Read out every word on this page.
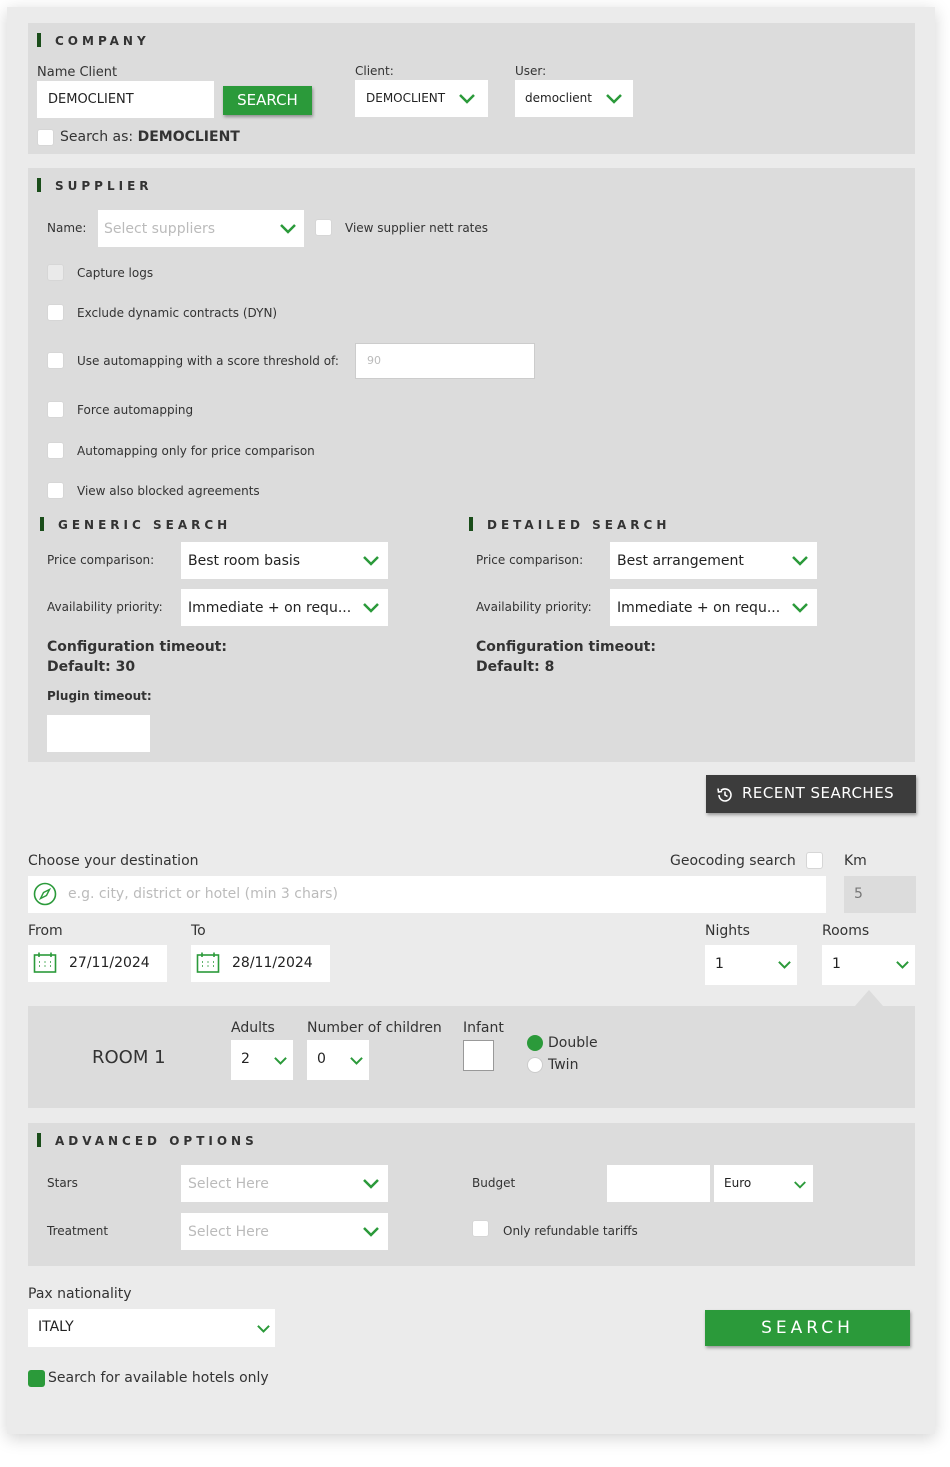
COMPANY
Name Client
DEMOCLIENT	SEARCH
Client:
DEMOCLIENT
User:
democlient
Search as: DEMOCLIENT
SUPPLIER
Name: Select suppliers	View supplier nett rates
Capture logs
Exclude dynamic contracts (DYN)
Use automapping with a score threshold of:	90
Force automapping
Automapping only for price comparison
View also blocked agreements
GENERIC SEARCH
Price comparison: Best room basis
Availability priority: Immediate + on requ...
Configuration timeout:
Default: 30
Plugin timeout:
DETAILED SEARCH
Price comparison: Best arrangement
Availability priority: Immediate + on requ...
Configuration timeout:
Default: 8
RECENT SEARCHES
Choose your destination	Geocoding search	Km
e.g. city, district or hotel (min 3 chars)	5
From
27/11/2024
To
28/11/2024
Nights
1
Rooms
1
ROOM 1
Adults
2
Number of children
0
Infant
Double
Twin
ADVANCED OPTIONS
Stars	Select Here
Treatment	Select Here
Budget	Euro
Only refundable tariffs
Pax nationality
ITALY	SEARCH
Search for available hotels only
